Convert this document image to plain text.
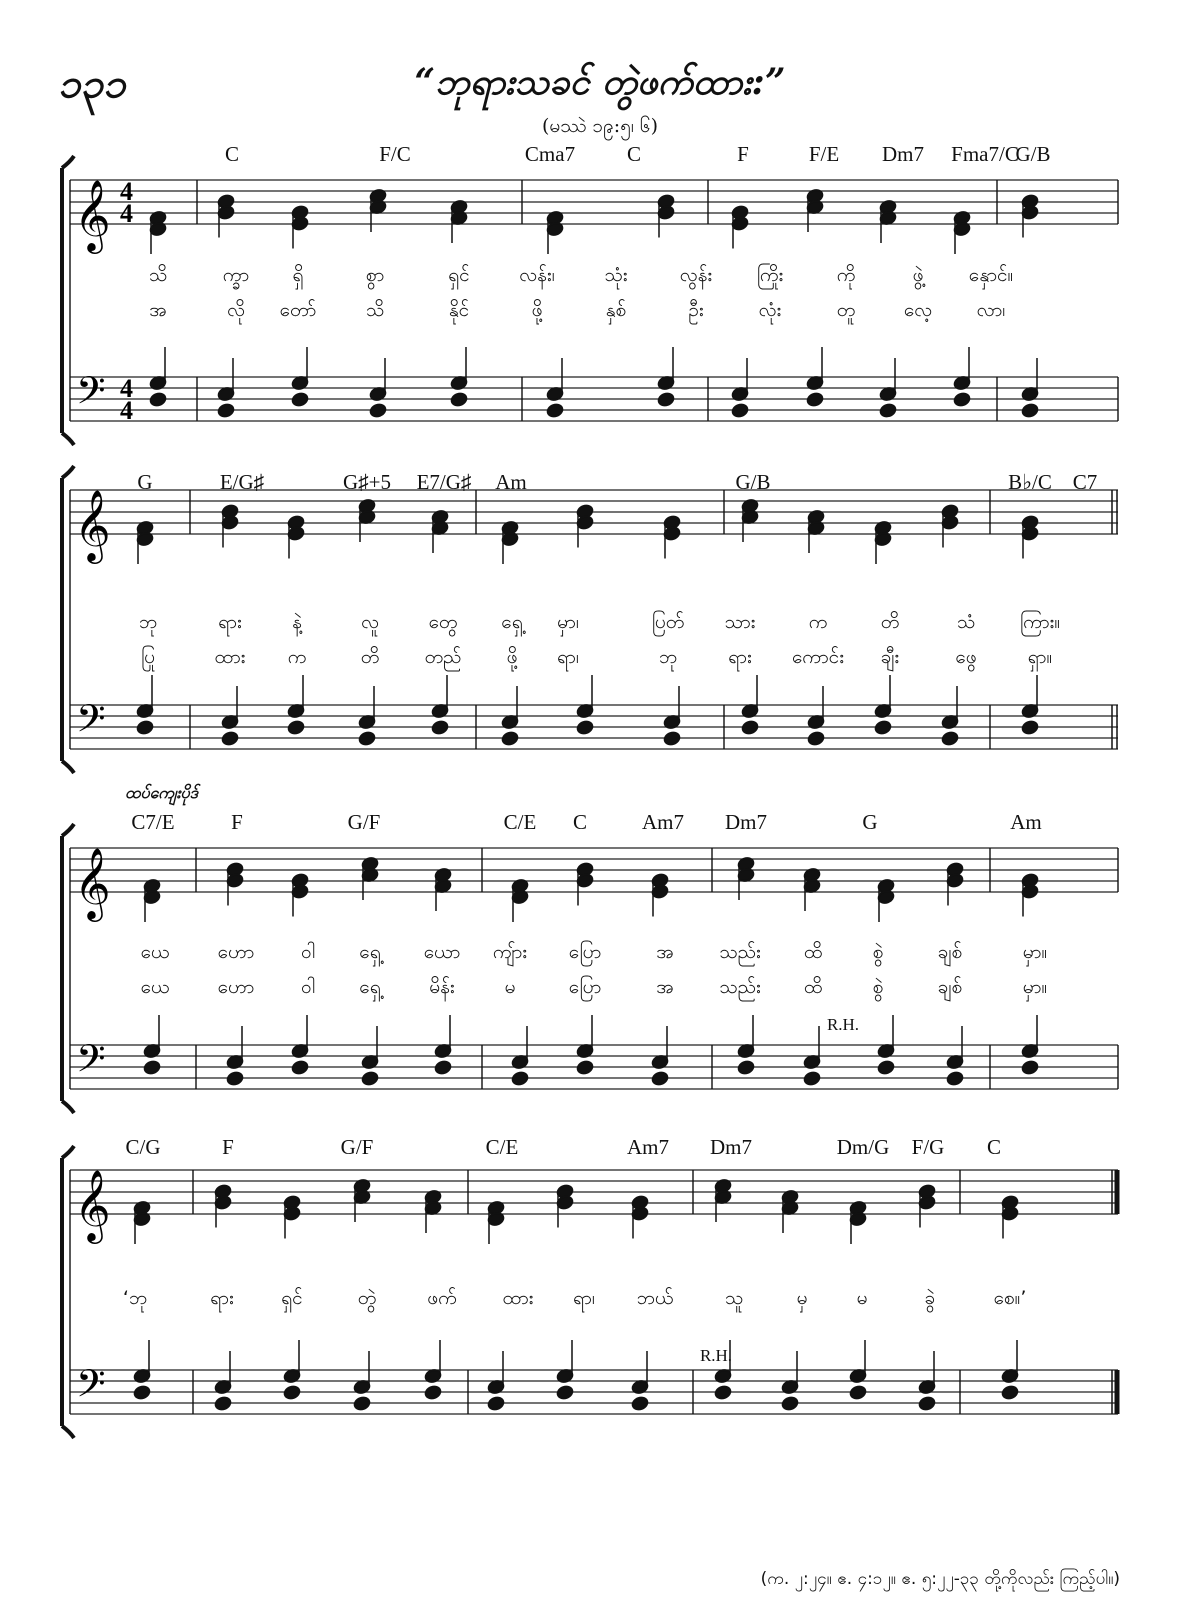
𝄞
𝄢
4
4
4
4
𝄞
𝄢
𝄞
𝄢
𝄞
𝄢
၁၃၁	“ဘုရားသခင် တွဲဖက်ထား:”
(မဿဲ ၁၉:၅၊ ၆)
C	F/C	Cma7 C	F	F/E Dm7 Fma7/C
G/B
သိ	က္ခာ ရှိ	စွာ	ရှင်	လန်း၊	သုံး	လွန်း ကြိုး	ကို	ဖွဲ့ နှောင်။
အ	လို တော်	သိ	နိုင်	ဖို့	နှစ်	ဦး	လုံး	တူ	လေ့ လာ၊
G	E/G♯	G♯+5 E7/G♯ Am	G/B	B♭/C C7
ဘု	ရား	နဲ့	လူ	တွေ ရှေ့ မှာ၊	ပြတ် သား	က	တိ	သံ ကြား။
ပြု	ထား က	တိ တည် ဖို့ ရာ၊	ဘု	ရား ကောင်း ချီး	ဖွေ	ရှာ။
C7/E	F	G/F	C/E C	Am7 Dm7	G	Am
ယေ	ဟော ဝါ ရှေ့ ယော ကျ်ား ပြော	အ သည်း ထိ	စွဲ	ချစ်	မှာ။
ယေ	ဟော ဝါ ရှေ့	မိန်း	မ	ပြော	အ သည်း ထိ	စွဲ	ချစ်	မှာ။
ထပ်ကျေးပိုဒ်
R.H.
C/G	F	G/F	C/E	Am7 Dm7	Dm/G F/G C
‘ဘု	ရား	ရှင်	တွဲ	ဖက် ထား ရာ၊ ဘယ်	သူ	မှ	မ	ခွဲ	စေ။’
R.H.
(က. ၂:၂၄။ ဧ. ၄:၁၂။ ဧ. ၅:၂၂-၃၃ တို့ကိုလည်း ကြည့်ပါ။)
